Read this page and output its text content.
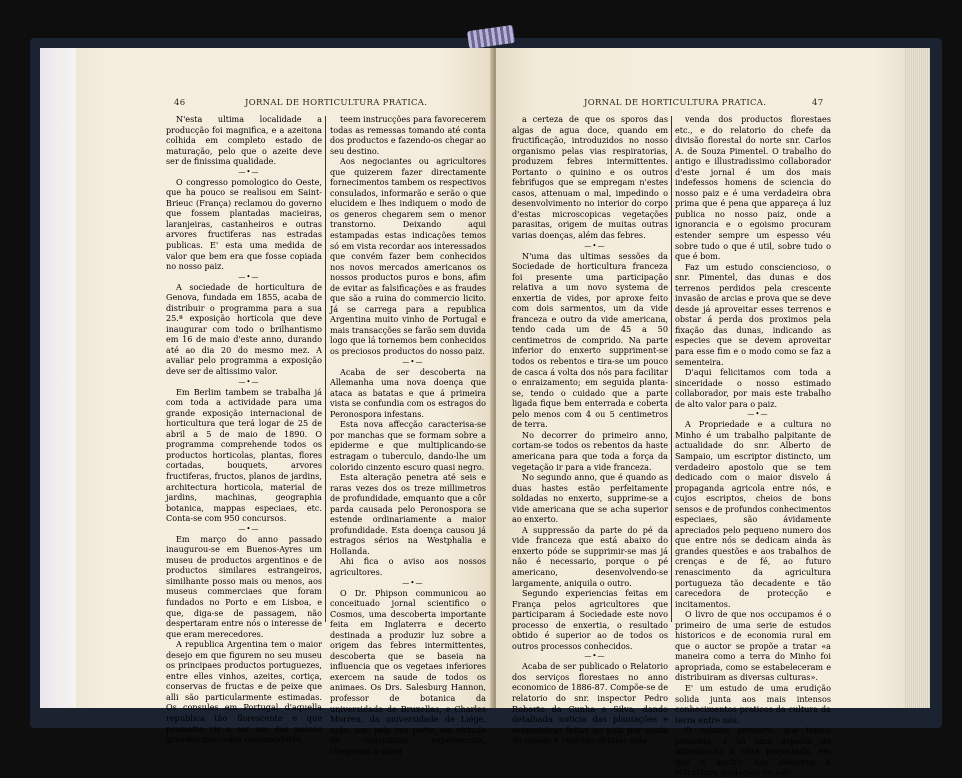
46	JORNAL DE HORTICULTURA PRATICA.

N'esta ultima localidade a producção foi magnifica, e a azeitona colhida em completo estado de maturação, pelo que o azeite deve ser de finissima qualidade.

—•—

O congresso pomologico do Oeste, que ha pouco se realisou em Saint-Brieuc (França) reclamou do governo que fossem plantadas macieiras, laranjeiras, castanheiros e outras arvores fructiferas nas estradas publicas. E' esta uma medida de valor que bem era que fosse copiada no nosso paiz.

—•—

A sociedade de horticultura de Genova, fundada em 1855, acaba de distribuir o programma para a sua 25.ª exposição horticola que deve inaugurar com todo o brilhantismo em 16 de maio d'este anno, durando até ao dia 20 do mesmo mez. A avaliar pelo programma a exposição deve ser de altissimo valor.

—•—

Em Berlim tambem se trabalha já com toda a actividade para uma grande exposição internacional de horticultura que terá logar de 25 de abril a 5 de maio de 1890. O programma comprehende todos os productos horticolas, plantas, flores cortadas, bouquets, arvores fructiferas, fructos, planos de jardins, architectura horticola, material de jardins, machinas, geographia botanica, mappas especiaes, etc. Conta-se com 950 concursos.

—•—

Em março do anno passado inaugurou-se em Buenos-Ayres um museu de productos argentinos e de productos similares estrangeiros, similhante posso mais ou menos, aos museus commerciaes que foram fundados no Porto e em Lisboa, e que, diga-se de passagem, não despertaram entre nós o interesse de que eram merecedores.

A republica Argentina tem o maior desejo em que figurem no seu museu os principaes productos portuguezes, entre elles vinhos, azeites, cortiça, conservas de fructas e de peixe que alli são particularmente estimadas. Os consules em Portugal d'aquella republica tão florescente e que promette vir a ser um dos nossos grandes mercados consumidores,

teem instrucções para favorecerem todas as remessas tomando até conta dos productos e fazendo-os chegar ao seu destino.

Aos negociantes ou agricultores que quizerem fazer directamente fornecimentos tambem os respectivos consulados, informarão e serão o que elucidem e lhes indiquem o modo de os generos chegarem sem o menor transtorno. Deixando aqui estampadas estas indicações temos só em vista recordar aos interessados que convém fazer bem conhecidos nos novos mercados americanos os nossos productos puros e bons, afim de evitar as falsificações e as fraudes que são a ruina do commercio licito. Já se carrega para a republica Argentina muito vinho de Portugal e mais transacções se farão sem duvida logo que lá tornemos bem conhecidos os preciosos productos do nosso paiz.

—•—

Acaba de ser descoberta na Allemanha uma nova doença que ataca as batatas e que á primeira vista se confundia com os estragos do Peronospora infestans.

Esta nova affecção caracterisa-se por manchas que se formam sobre a epiderme e que multiplicando-se estragam o tuberculo, dando-lhe um colorido cinzento escuro quasi negro.

Esta alteração penetra até seis e raras vezes dos os treze millimetros de profundidade, emquanto que a côr parda causada pelo Peronospora se estende ordinariamente a maior profundidade. Esta doença causou já estragos sérios na Westphalia e Hollanda.

Ahi fica o aviso aos nossos agricultores.

—•—

O Dr. Phipson communicou ao conceituado jornal scientifico o Cosmos, uma descoberta importante feita em Inglaterra e decerto destinada a produzir luz sobre a origem das febres intermittentes, descoberta que se baseia na influencia que os vegetaes inferiores exercem na saude de todos os animaes. Os Drs. Salesburg Hannon, professor de botanica da universidade de Bruxellas, e Charles Morren, da universidade de Liége, ezão, um, pela sua parte, em virtude de constantes experiencias, chegaram a obter

JORNAL DE HORTICULTURA PRATICA.	47

a certeza de que os sporos das algas de agua doce, quando em fructificação, introduzidos no nosso organismo pelas vias respiratorias, produzem febres intermittentes. Portanto o quinino e os outros febrifugos que se empregam n'estes casos, attenuam o mal, impedindo o desenvolvimento no interior do corpo d'estas microscopicas vegetações parasitas, origem de muitas outras varias doenças, além das febres.

—•—

N'uma das ultimas sessões da Sociedade de horticultura franceza foi presente uma participação relativa a um novo systema de enxertia de vides, por aproxe feito com dois sarmentos, um da vide franceza e outro da vide americana, tendo cada um de 45 a 50 centimetros de comprido. Na parte inferior do enxerto suppriment-se todos os rebentos e tira-se um pouco de casca á volta dos nós para facilitar o enraizamento; em seguida planta-se, tendo o cuidado que a parte ligada fique bem enterrada e coberta pelo menos com 4 ou 5 centimetros de terra.

No decorrer do primeiro anno, cortam-se todos os rebentos da haste americana para que toda a força da vegetação ir para a vide franceza.

No segundo anno, que é quando as duas hastes estão perfeitamente soldadas no enxerto, supprime-se a vide americana que se acha superior ao enxerto.

A suppressão da parte do pé da vide franceza que está abaixo do enxerto póde se supprimir-se mas já não é necessario, porque o pé americano, desenvolvendo-se largamente, aniquila o outro.

Segundo experiencias feitas em França pelos agricultores que participaram á Sociedade este novo processo de enxertia, o resultado obtido é superior ao de todos os outros processos conhecidos.

—•—

Acaba de ser publicado o Relatorio dos serviços florestaes no anno economico de 1886-87. Compõe-se de relatorio do snr. inspector Pedro Roberto da Cunha e Silva, dando detalhada noticia das plantações e sementeiras feitas no paiz por conta do estado e receitas obtidas pela

venda dos productos florestaes etc., e do relatorio do chefe da divisão florestal do norte snr. Carlos A. de Souza Pimentel. O trabalho do antigo e illustradissimo collaborador d'este jornal é um dos mais indefessos homens de sciencia do nosso paiz e é uma verdadeira obra prima que é pena que appareça á luz publica no nosso paiz, onde a ignorancia e o egoismo procuram estender sempre um espesso véu sobre tudo o que é util, sobre tudo o que é bom.

Faz um estudo consciencioso, o snr. Pimentel, das dunas e dos terrenos perdidos pela crescente invasão de arcias e prova que se deve desde já aproveitar esses terrenos e obstar á perda dos proximos pela fixação das dunas, indicando as especies que se devem aproveitar para esse fim e o modo como se faz a sementeira.

D'aqui felicitamos com toda a sinceridade o nosso estimado collaborador, por mais este trabalho de alto valor para o paiz.

—•—

A Propriedade e a cultura no Minho é um trabalho palpitante de actualidade do snr. Alberto de Sampaio, um escriptor distincto, um verdadeiro apostolo que se tem dedicado com o maior disvelo á propaganda agricola entre nós, e cujos escriptos, cheios de bons sensos e de profundos conhecimentos especiaes, são ávidamente apreciados pelo pequeno numero dos que entre nós se dedicam ainda às grandes questões e aos trabalhos de crenças e de fé, ao futuro renascimento da agricultura portugueza tão decadente e tão carecedora de protecção e incitamentos.

O livro de que nos occupamos é o primeiro de uma serie de estudos historicos e de economia rural em que o auctor se propõe a tratar «a maneira como a terra do Minho foi apropriada, como se estabeleceram e distribuiram as diversas culturas».

E' um estudo de uma erudição solida junta aos mais intensos conhecimentos praticos da cultura da terra entre nós.

O volume primeiro, que temos presente, é só uma especie de introducção á obra projectada, em que o auctor nos descreve a estructura geologica do sólo
